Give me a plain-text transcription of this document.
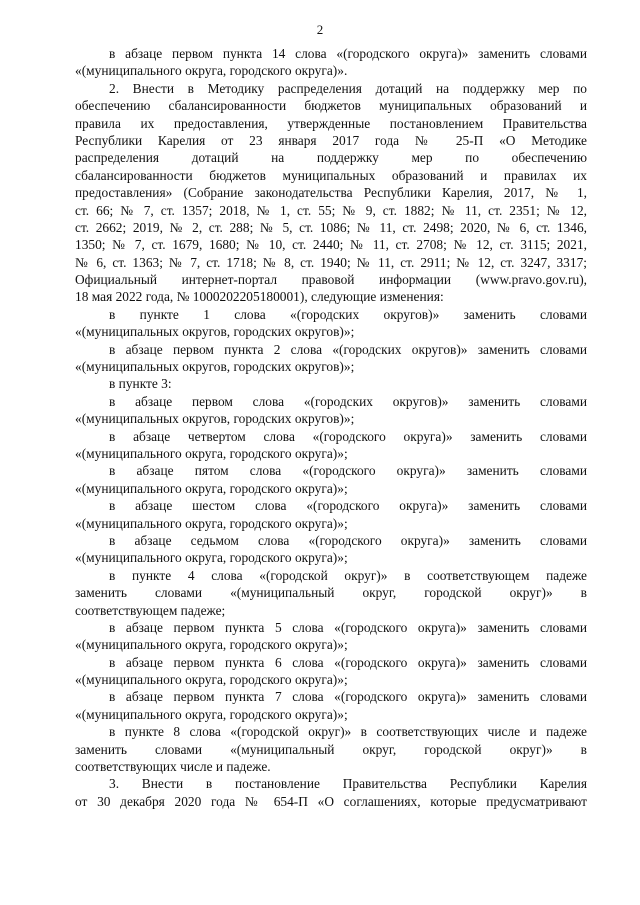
2
в абзаце первом пункта 14 слова «(городского округа)» заменить словами
«(муниципального округа, городского округа)».
2. Внести в Методику распределения дотаций на поддержку мер по
обеспечению сбалансированности бюджетов муниципальных образований и
правила их предоставления, утвержденные постановлением Правительства
Республики Карелия от 23 января 2017 года № 25-П «О Методике
распределения дотаций на поддержку мер по обеспечению
сбалансированности бюджетов муниципальных образований и правилах их
предоставления» (Собрание законодательства Республики Карелия, 2017, № 1,
ст. 66; № 7, ст. 1357; 2018, № 1, ст. 55; № 9, ст. 1882; № 11, ст. 2351; № 12,
ст. 2662; 2019, № 2, ст. 288; № 5, ст. 1086; № 11, ст. 2498; 2020, № 6, ст. 1346,
1350; № 7, ст. 1679, 1680; № 10, ст. 2440; № 11, ст. 2708; № 12, ст. 3115; 2021,
№ 6, ст. 1363; № 7, ст. 1718; № 8, ст. 1940; № 11, ст. 2911; № 12, ст. 3247, 3317;
Официальный интернет-портал правовой информации (www.pravo.gov.ru),
18 мая 2022 года, № 1000202205180001), следующие изменения:
в пункте 1 слова «(городских округов)» заменить словами
«(муниципальных округов, городских округов)»;
в абзаце первом пункта 2 слова «(городских округов)» заменить словами
«(муниципальных округов, городских округов)»;
в пункте 3:
в абзаце первом слова «(городских округов)» заменить словами
«(муниципальных округов, городских округов)»;
в абзаце четвертом слова «(городского округа)» заменить словами
«(муниципального округа, городского округа)»;
в абзаце пятом слова «(городского округа)» заменить словами
«(муниципального округа, городского округа)»;
в абзаце шестом слова «(городского округа)» заменить словами
«(муниципального округа, городского округа)»;
в абзаце седьмом слова «(городского округа)» заменить словами
«(муниципального округа, городского округа)»;
в пункте 4 слова «(городской округ)» в соответствующем падеже
заменить словами «(муниципальный округ, городской округ)» в
соответствующем падеже;
в абзаце первом пункта 5 слова «(городского округа)» заменить словами
«(муниципального округа, городского округа)»;
в абзаце первом пункта 6 слова «(городского округа)» заменить словами
«(муниципального округа, городского округа)»;
в абзаце первом пункта 7 слова «(городского округа)» заменить словами
«(муниципального округа, городского округа)»;
в пункте 8 слова «(городской округ)» в соответствующих числе и падеже
заменить словами «(муниципальный округ, городской округ)» в
соответствующих числе и падеже.
3. Внести в постановление Правительства Республики Карелия
от 30 декабря 2020 года № 654-П «О соглашениях, которые предусматривают
